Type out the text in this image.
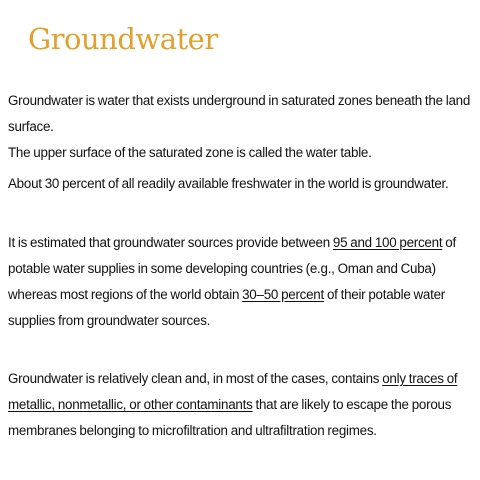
Groundwater
Groundwater is water that exists underground in saturated zones beneath the land surface.
The upper surface of the saturated zone is called the water table.
About 30 percent of all readily available freshwater in the world is groundwater.
It is estimated that groundwater sources provide between 95 and 100 percent of potable water supplies in some developing countries (e.g., Oman and Cuba) whereas most regions of the world obtain 30–50 percent of their potable water supplies from groundwater sources.
Groundwater is relatively clean and, in most of the cases, contains only traces of metallic, nonmetallic, or other contaminants that are likely to escape the porous membranes belonging to microfiltration and ultrafiltration regimes.
